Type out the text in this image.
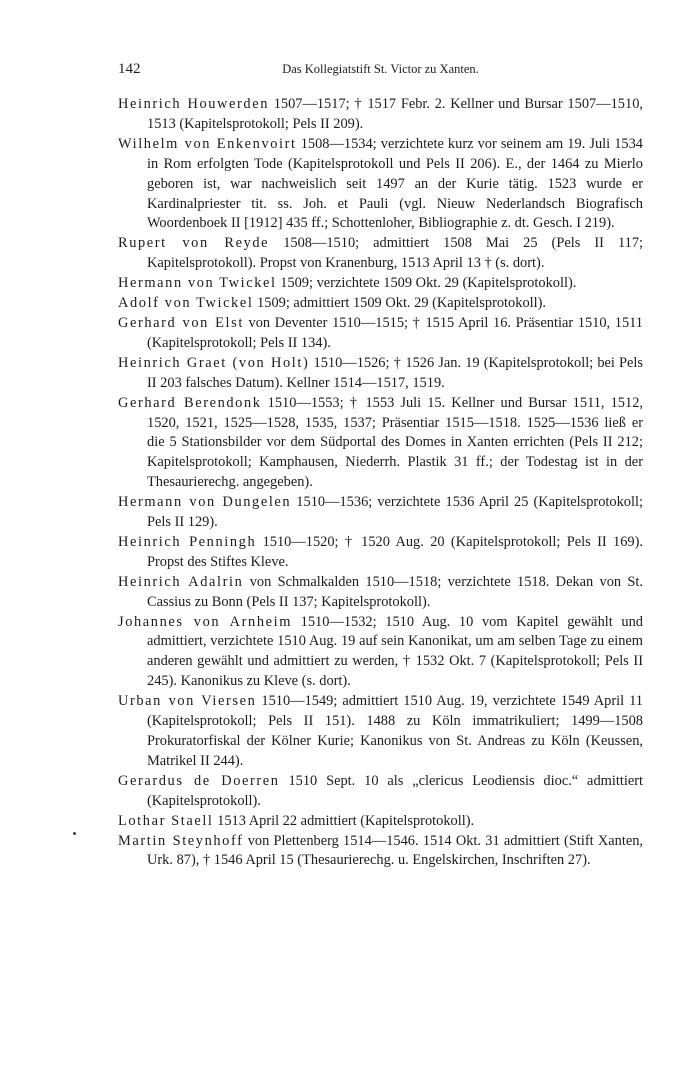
142	Das Kollegiatstift St. Victor zu Xanten.

Heinrich Houwerden 1507—1517; † 1517 Febr. 2. Kellner und Bursar 1507—1510, 1513 (Kapitelsprotokoll; Pels II 209).

Wilhelm von Enkenvoirt 1508—1534; verzichtete kurz vor seinem am 19. Juli 1534 in Rom erfolgten Tode (Kapitelsprotokoll und Pels II 206). E., der 1464 zu Mierlo geboren ist, war nachweislich seit 1497 an der Kurie tätig. 1523 wurde er Kardinalpriester tit. ss. Joh. et Pauli (vgl. Nieuw Nederlandsch Biografisch Woordenboek II [1912] 435 ff.; Schottenloher, Bibliographie z. dt. Gesch. I 219).

Rupert von Reyde 1508—1510; admittiert 1508 Mai 25 (Pels II 117; Kapitelsprotokoll). Propst von Kranenburg, 1513 April 13 † (s. dort).

Hermann von Twickel 1509; verzichtete 1509 Okt. 29 (Kapitelsprotokoll).

Adolf von Twickel 1509; admittiert 1509 Okt. 29 (Kapitelsprotokoll).

Gerhard von Elst von Deventer 1510—1515; † 1515 April 16. Präsentiar 1510, 1511 (Kapitelsprotokoll; Pels II 134).

Heinrich Graet (von Holt) 1510—1526; † 1526 Jan. 19 (Kapitelsprotokoll; bei Pels II 203 falsches Datum). Kellner 1514—1517, 1519.

Gerhard Berendonk 1510—1553; † 1553 Juli 15. Kellner und Bursar 1511, 1512, 1520, 1521, 1525—1528, 1535, 1537; Präsentiar 1515—1518. 1525—1536 ließ er die 5 Stationsbilder vor dem Südportal des Domes in Xanten errichten (Pels II 212; Kapitelsprotokoll; Kamphausen, Niederrh. Plastik 31 ff.; der Todestag ist in der Thesaurierechg. angegeben).

Hermann von Dungelen 1510—1536; verzichtete 1536 April 25 (Kapitelsprotokoll; Pels II 129).

Heinrich Penningh 1510—1520; † 1520 Aug. 20 (Kapitelsprotokoll; Pels II 169). Propst des Stiftes Kleve.

Heinrich Adalrin von Schmalkalden 1510—1518; verzichtete 1518. Dekan von St. Cassius zu Bonn (Pels II 137; Kapitelsprotokoll).

Johannes von Arnheim 1510—1532; 1510 Aug. 10 vom Kapitel gewählt und admittiert, verzichtete 1510 Aug. 19 auf sein Kanonikat, um am selben Tage zu einem anderen gewählt und admittiert zu werden, † 1532 Okt. 7 (Kapitelsprotokoll; Pels II 245). Kanonikus zu Kleve (s. dort).

Urban von Viersen 1510—1549; admittiert 1510 Aug. 19, verzichtete 1549 April 11 (Kapitelsprotokoll; Pels II 151). 1488 zu Köln immatrikuliert; 1499—1508 Prokuratorfiskal der Kölner Kurie; Kanonikus von St. Andreas zu Köln (Keussen, Matrikel II 244).

Gerardus de Doerren 1510 Sept. 10 als „clericus Leodiensis dioc.“ admittiert (Kapitelsprotokoll).

Lothar Staell 1513 April 22 admittiert (Kapitelsprotokoll).

Martin Steynhoff von Plettenberg 1514—1546. 1514 Okt. 31 admittiert (Stift Xanten, Urk. 87), † 1546 April 15 (Thesaurierechg. u. Engelskirchen, Inschriften 27).
